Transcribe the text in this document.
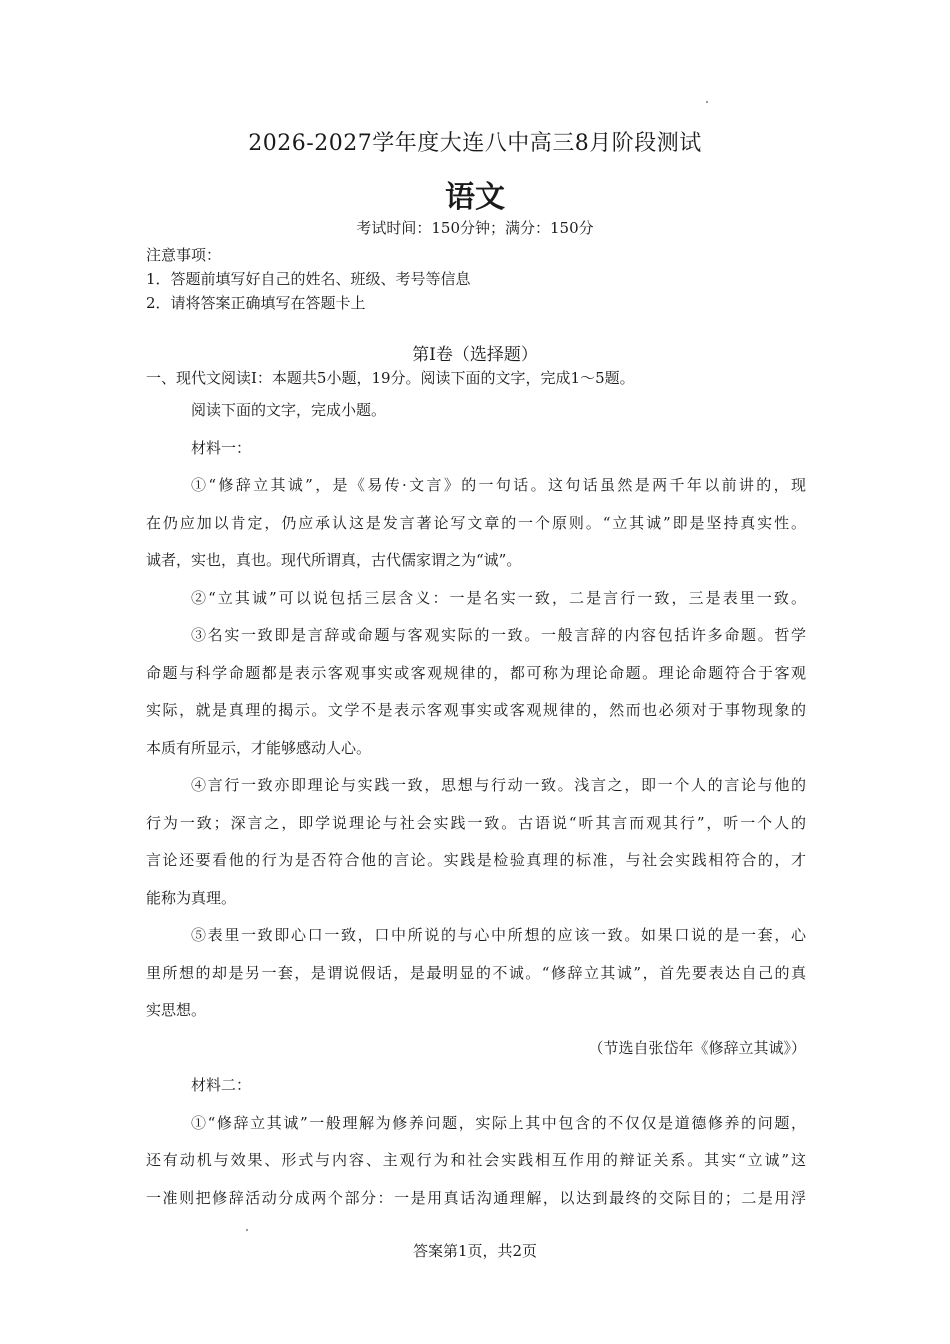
2026-2027学年度大连八中高三8月阶段测试
语文
考试时间：150分钟；满分：150分
注意事项：
1．答题前填写好自己的姓名、班级、考号等信息
2．请将答案正确填写在答题卡上
第I卷（选择题）
一、现代文阅读Ⅰ：本题共5小题，19分。阅读下面的文字，完成1～5题。
阅读下面的文字，完成小题。
材料一：
①“修辞立其诚”，是《易传·文言》的一句话。这句话虽然是两千年以前讲的，现
在仍应加以肯定，仍应承认这是发言著论写文章的一个原则。“立其诚”即是坚持真实性。
诚者，实也，真也。现代所谓真，古代儒家谓之为“诚”。
②“立其诚”可以说包括三层含义：一是名实一致，二是言行一致，三是表里一致。
③名实一致即是言辞或命题与客观实际的一致。一般言辞的内容包括许多命题。哲学
命题与科学命题都是表示客观事实或客观规律的，都可称为理论命题。理论命题符合于客观
实际，就是真理的揭示。文学不是表示客观事实或客观规律的，然而也必须对于事物现象的
本质有所显示，才能够感动人心。
④言行一致亦即理论与实践一致，思想与行动一致。浅言之，即一个人的言论与他的
行为一致；深言之，即学说理论与社会实践一致。古语说“听其言而观其行”，听一个人的
言论还要看他的行为是否符合他的言论。实践是检验真理的标准，与社会实践相符合的，才
能称为真理。
⑤表里一致即心口一致，口中所说的与心中所想的应该一致。如果口说的是一套，心
里所想的却是另一套，是谓说假话，是最明显的不诚。“修辞立其诚”，首先要表达自己的真
实思想。
（节选自张岱年《修辞立其诚》）
材料二：
①“修辞立其诚”一般理解为修养问题，实际上其中包含的不仅仅是道德修养的问题，
还有动机与效果、形式与内容、主观行为和社会实践相互作用的辩证关系。其实“立诚”这
一准则把修辞活动分成两个部分：一是用真话沟通理解，以达到最终的交际目的；二是用浮
答案第1页，共2页
